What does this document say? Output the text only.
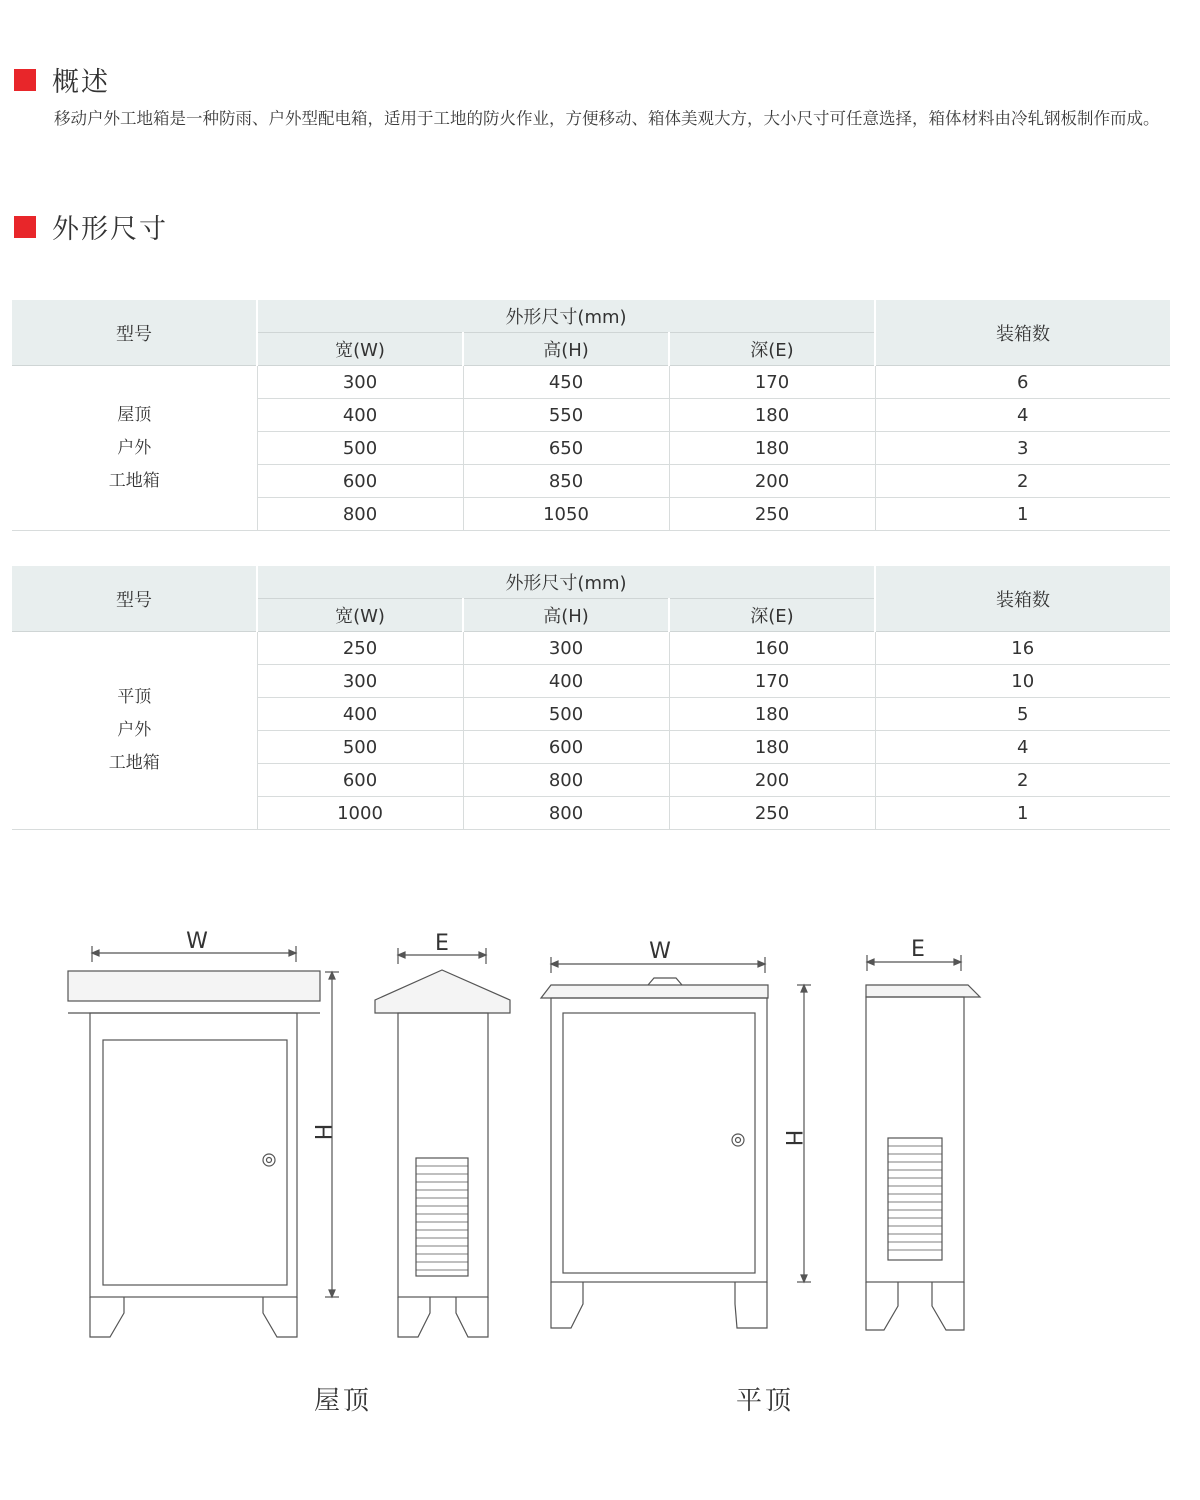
概述
移动户外工地箱是一种防雨、户外型配电箱，适用于工地的防火作业，方便移动、箱体美观大方，大小尺寸可任意选择，箱体材料由冷轧钢板制作而成。
外形尺寸
型号	外形尺寸(mm)			装箱数
	宽(W)	高(H)	深(E)	

屋顶
户外
工地箱	300	450	170	6
	400	550	180	4
	500	650	180	3
	600	850	200	2
	800	1050	250	1
型号	外形尺寸(mm)			装箱数
	宽(W)	高(H)	深(E)	

平顶
户外
工地箱	250	300	160	16
	300	400	170	10
	400	500	180	5
	500	600	180	4
	600	800	200	2
	1000	800	250	1
W
H
E	W
H
E
屋顶	平顶
